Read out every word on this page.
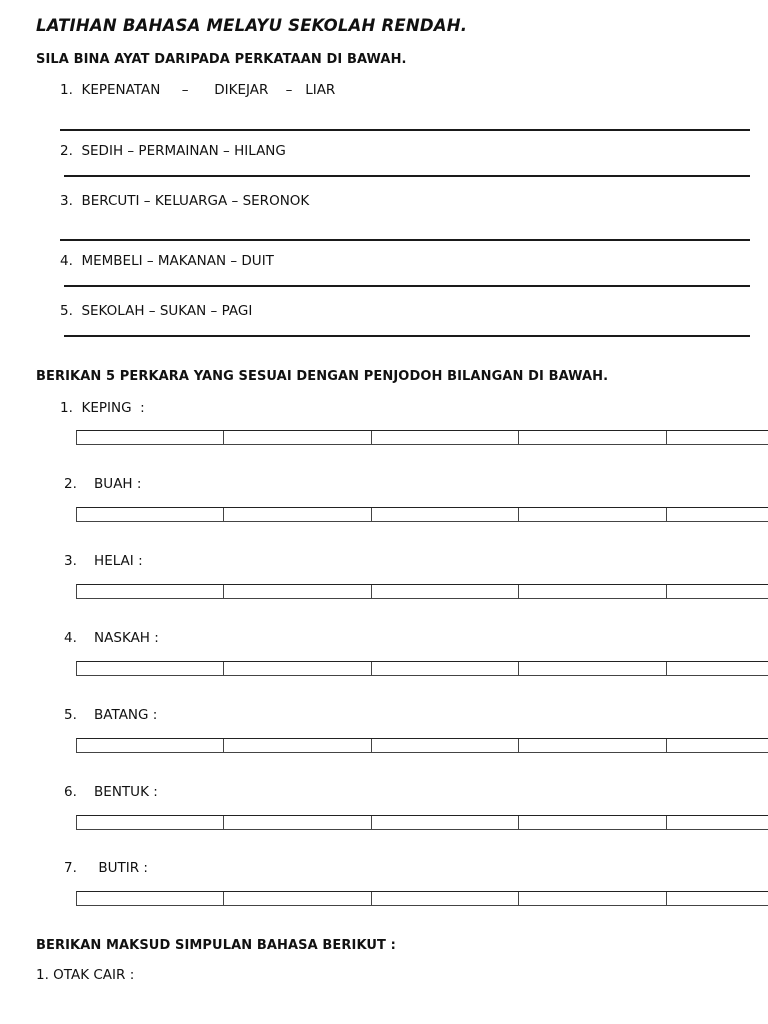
LATIHAN BAHASA MELAYU SEKOLAH RENDAH.
SILA BINA AYAT DARIPADA PERKATAAN DI BAWAH.
1.  KEPENATAN     –      DIKEJAR    –   LIAR
2.  SEDIH – PERMAINAN – HILANG
3.  BERCUTI – KELUARGA – SERONOK
4.  MEMBELI – MAKANAN – DUIT
5.  SEKOLAH – SUKAN – PAGI
BERIKAN 5 PERKARA YANG SESUAI DENGAN PENJODOH BILANGAN DI BAWAH.
1.  KEPING  :
2.    BUAH :
3.    HELAI :
4.    NASKAH :
5.    BATANG :
6.    BENTUK :
7.     BUTIR :
BERIKAN MAKSUD SIMPULAN BAHASA BERIKUT :
1. OTAK CAIR :
